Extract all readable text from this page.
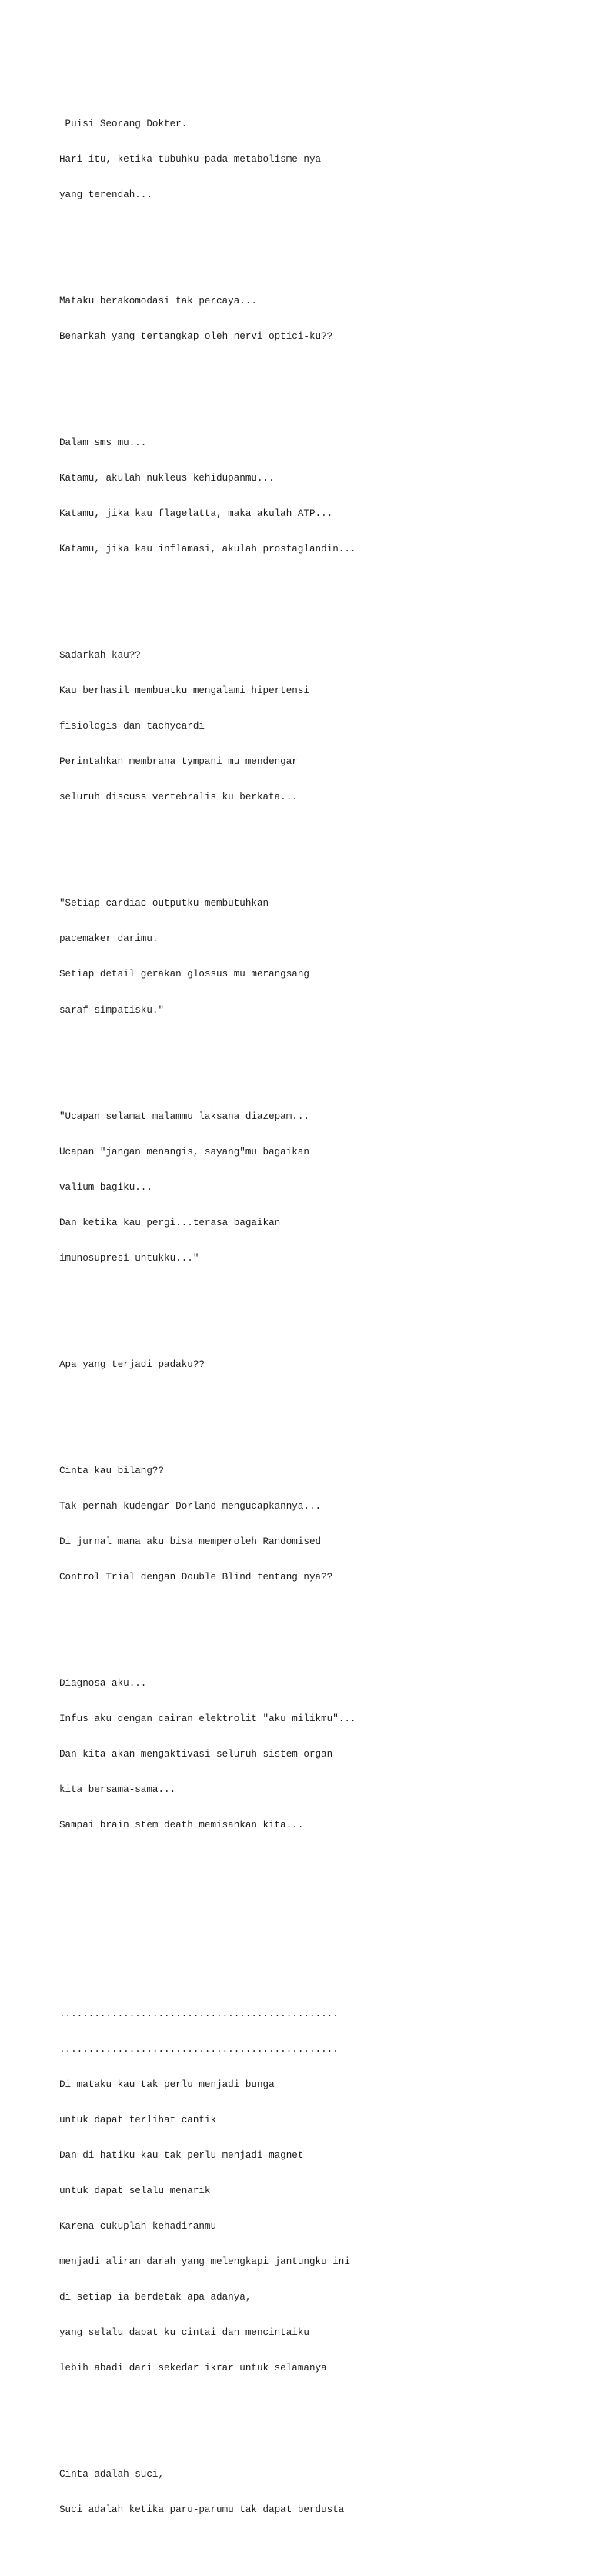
Puisi Seorang Dokter.

Hari itu, ketika tubuhku pada metabolisme nya

yang terendah...

Mataku berakomodasi tak percaya...

Benarkah yang tertangkap oleh nervi optici-ku??

Dalam sms mu...

Katamu, akulah nukleus kehidupanmu...

Katamu, jika kau flagelatta, maka akulah ATP...

Katamu, jika kau inflamasi, akulah prostaglandin...

Sadarkah kau??

Kau berhasil membuatku mengalami hipertensi

fisiologis dan tachycardi

Perintahkan membrana tympani mu mendengar

seluruh discuss vertebralis ku berkata...

"Setiap cardiac outputku membutuhkan

pacemaker darimu.

Setiap detail gerakan glossus mu merangsang

saraf simpatisku."

"Ucapan selamat malammu laksana diazepam...

Ucapan "jangan menangis, sayang"mu bagaikan

valium bagiku...

Dan ketika kau pergi...terasa bagaikan

imunosupresi untukku..."

Apa yang terjadi padaku??

Cinta kau bilang??

Tak pernah kudengar Dorland mengucapkannya...

Di jurnal mana aku bisa memperoleh Randomised

Control Trial dengan Double Blind tentang nya??

Diagnosa aku...

Infus aku dengan cairan elektrolit "aku milikmu"...

Dan kita akan mengaktivasi seluruh sistem organ

kita bersama-sama...

Sampai brain stem death memisahkan kita...

................................................

................................................

Di mataku kau tak perlu menjadi bunga

untuk dapat terlihat cantik

Dan di hatiku kau tak perlu menjadi magnet

untuk dapat selalu menarik

Karena cukuplah kehadiranmu

menjadi aliran darah yang melengkapi jantungku ini

di setiap ia berdetak apa adanya,

yang selalu dapat ku cintai dan mencintaiku

lebih abadi dari sekedar ikrar untuk selamanya

Cinta adalah suci,

Suci adalah ketika paru-parumu tak dapat berdusta
